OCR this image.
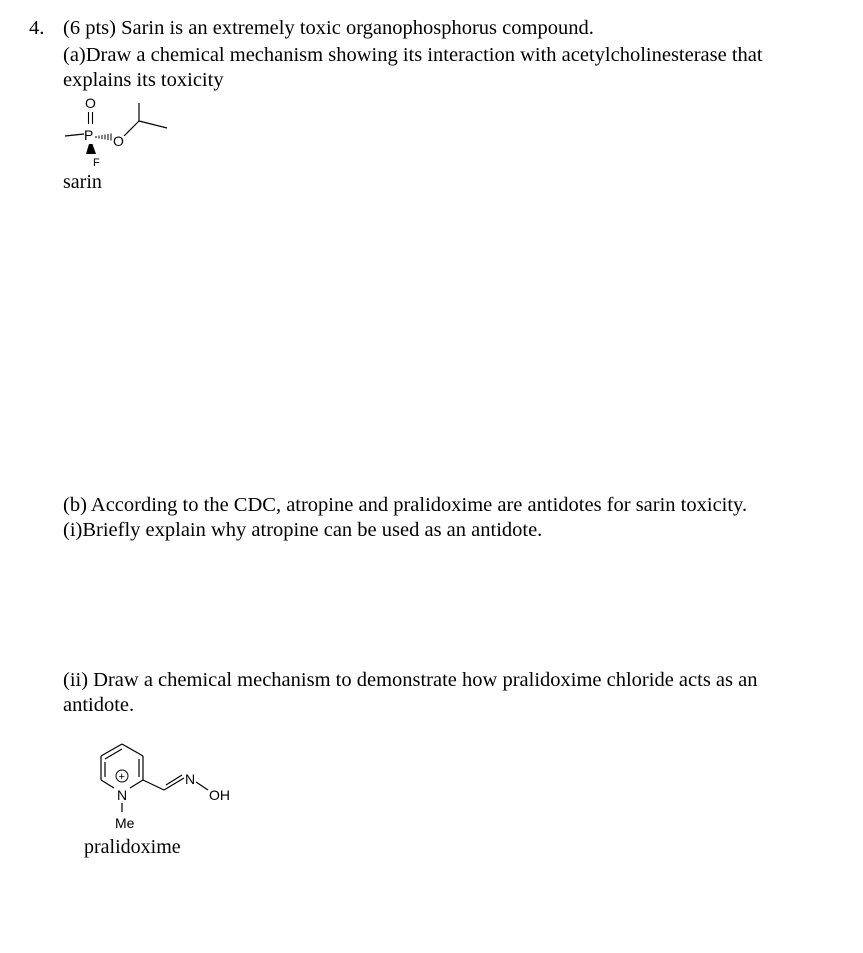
4. (6 pts) Sarin is an extremely toxic organophosphorus compound.
(a)Draw a chemical mechanism showing its interaction with acetylcholinesterase that
explains its toxicity
O
P O
F
sarin
(b) According to the CDC, atropine and pralidoxime are antidotes for sarin toxicity.
(i)Briefly explain why atropine can be used as an antidote.
(ii) Draw a chemical mechanism to demonstrate how pralidoxime chloride acts as an
antidote.
+
N
Me
N
OH
pralidoxime
